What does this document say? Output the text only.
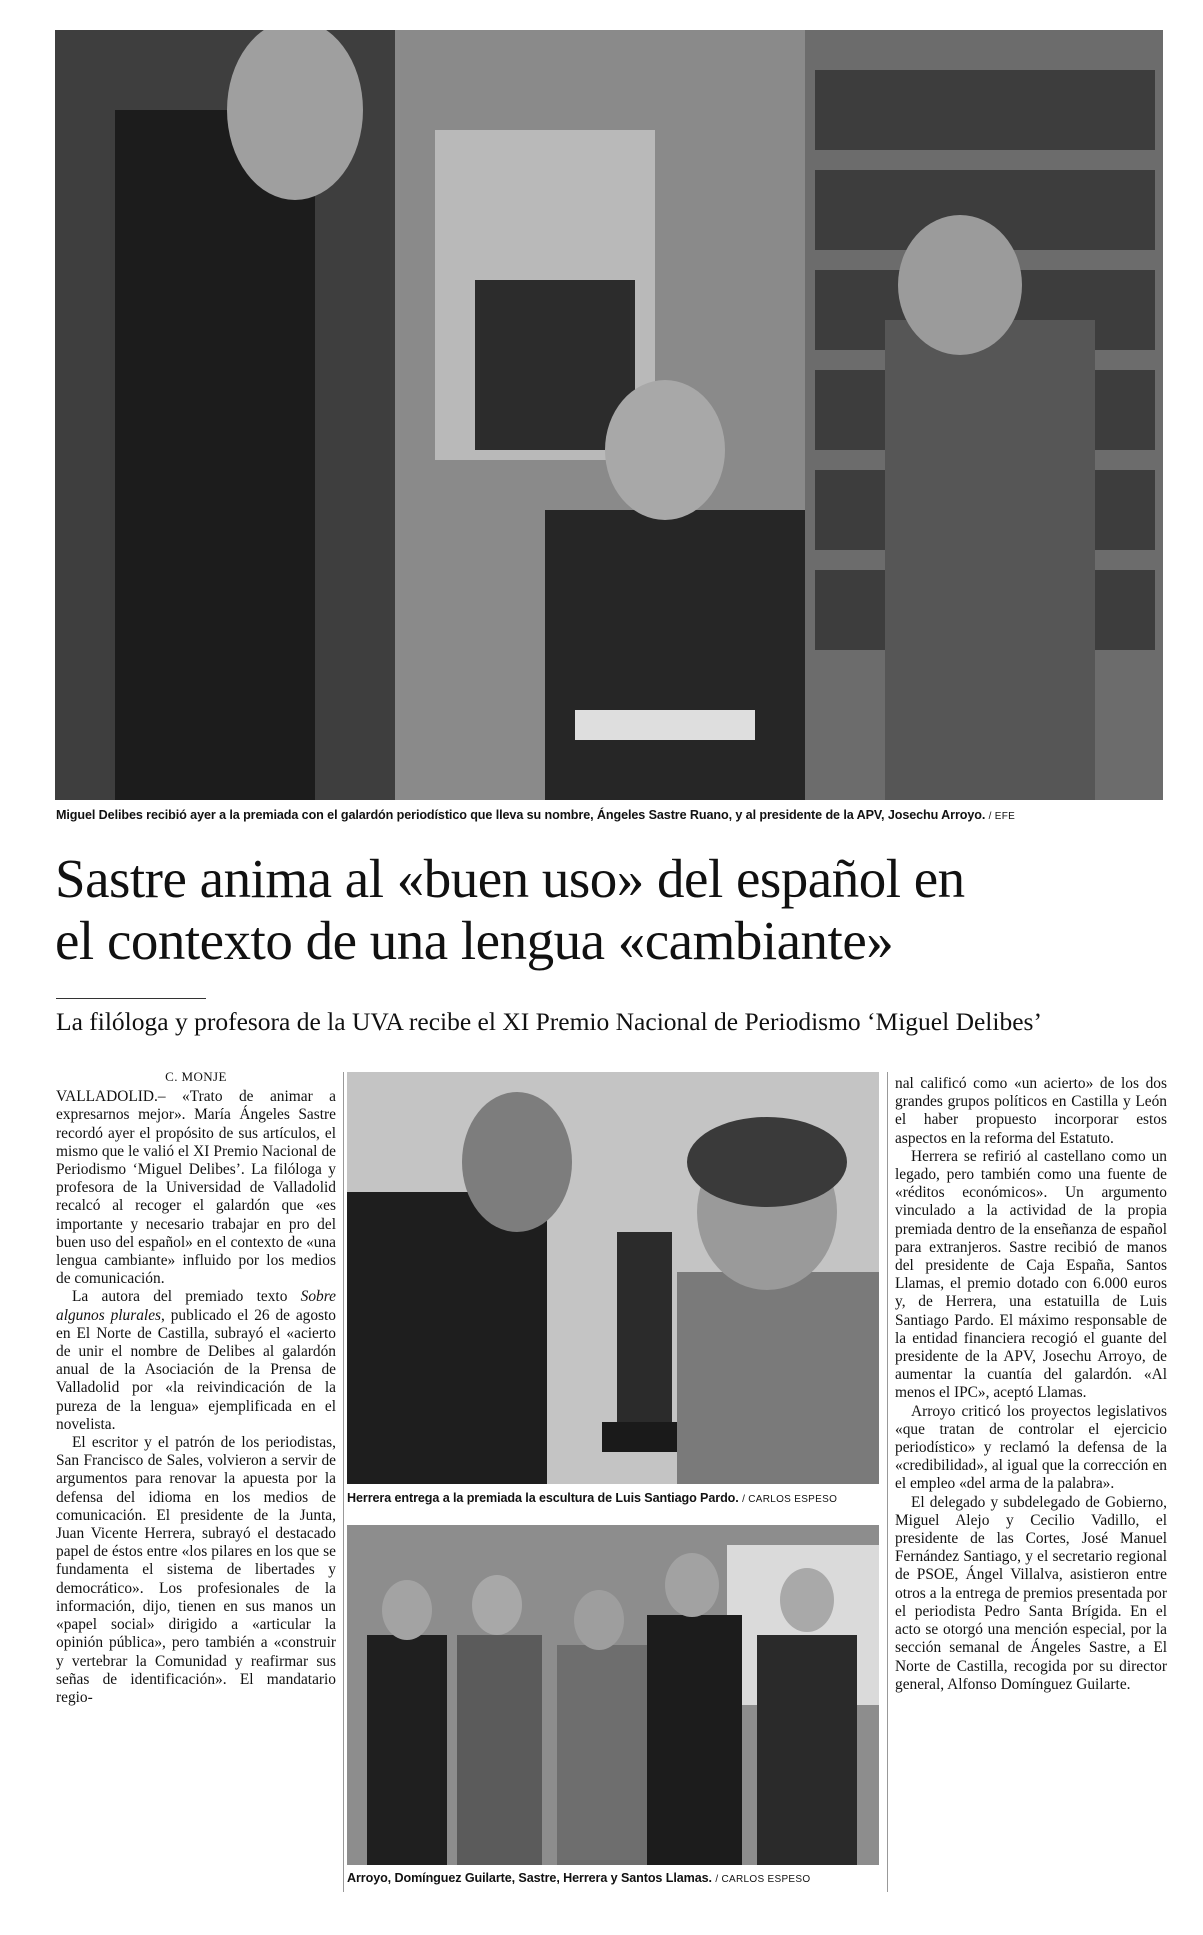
Miguel Delibes recibió ayer a la premiada con el galardón periodístico que lleva su nombre, Ángeles Sastre Ruano, y al presidente de la APV, Josechu Arroyo. / EFE
Sastre anima al «buen uso» del español en
el contexto de una lengua «cambiante»
La filóloga y profesora de la UVA recibe el XI Premio Nacional de Periodismo ‘Miguel Delibes’
C. MONJE

VALLADOLID.– «Trato de animar a expresarnos mejor». María Ángeles Sastre recordó ayer el propósito de sus artículos, el mismo que le valió el XI Premio Nacional de Periodismo ‘Miguel Delibes’. La filóloga y profesora de la Universidad de Valladolid recalcó al recoger el galardón que «es importante y necesario trabajar en pro del buen uso del español» en el contexto de «una lengua cambiante» influido por los medios de comunicación.

La autora del premiado texto Sobre algunos plurales, publicado el 26 de agosto en El Norte de Castilla, subrayó el «acierto de unir el nombre de Delibes al galardón anual de la Asociación de la Prensa de Valladolid por «la reivindicación de la pureza de la lengua» ejemplificada en el novelista.

El escritor y el patrón de los periodistas, San Francisco de Sales, volvieron a servir de argumentos para renovar la apuesta por la defensa del idioma en los medios de comunicación. El presidente de la Junta, Juan Vicente Herrera, subrayó el destacado papel de éstos entre «los pilares en los que se fundamenta el sistema de libertades y democrático». Los profesionales de la información, dijo, tienen en sus manos un «papel social» dirigido a «articular la opinión pública», pero también a «construir y vertebrar la Comunidad y reafirmar sus señas de identificación». El mandatario regio-

Herrera entrega a la premiada la escultura de Luis Santiago Pardo. / CARLOS ESPESO
Arroyo, Domínguez Guilarte, Sastre, Herrera y Santos Llamas. / CARLOS ESPESO

nal calificó como «un acierto» de los dos grandes grupos políticos en Castilla y León el haber propuesto incorporar estos aspectos en la reforma del Estatuto.

Herrera se refirió al castellano como un legado, pero también como una fuente de «réditos económicos». Un argumento vinculado a la actividad de la propia premiada dentro de la enseñanza de español para extranjeros. Sastre recibió de manos del presidente de Caja España, Santos Llamas, el premio dotado con 6.000 euros y, de Herrera, una estatuilla de Luis Santiago Pardo. El máximo responsable de la entidad financiera recogió el guante del presidente de la APV, Josechu Arroyo, de aumentar la cuantía del galardón. «Al menos el IPC», aceptó Llamas.

Arroyo criticó los proyectos legislativos «que tratan de controlar el ejercicio periodístico» y reclamó la defensa de la «credibilidad», al igual que la corrección en el empleo «del arma de la palabra».

El delegado y subdelegado de Gobierno, Miguel Alejo y Cecilio Vadillo, el presidente de las Cortes, José Manuel Fernández Santiago, y el secretario regional de PSOE, Ángel Villalva, asistieron entre otros a la entrega de premios presentada por el periodista Pedro Santa Brígida. En el acto se otorgó una mención especial, por la sección semanal de Ángeles Sastre, a El Norte de Castilla, recogida por su director general, Alfonso Domínguez Guilarte.
